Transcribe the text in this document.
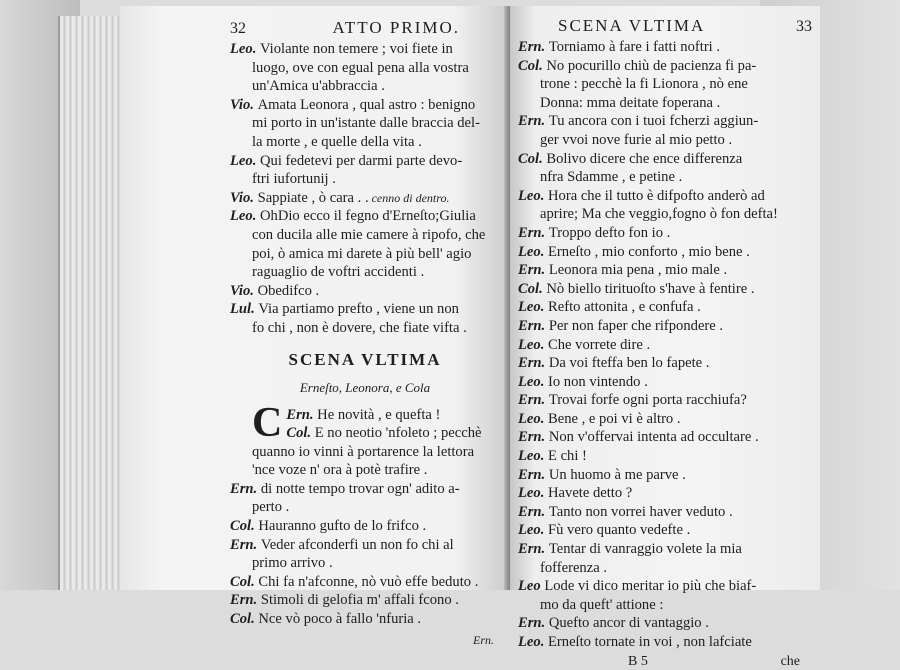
32	ATTO PRIMO.
Leo. Violante non temere ; voi fiete in
luogo, ove con egual pena alla vostra
un'Amica u'abbraccia .
Vio. Amata Leonora , qual astro : benigno
mi porto in un'istante dalle braccia del-
la morte , e quelle della vita .
Leo. Qui fedetevi per darmi parte devo-
ftri iufortunij .
Vio. Sappiate , ò cara . . cenno di dentro.
Leo. OhDio ecco il fegno d'Erneſto;Giulia
con ducila alle mie camere à ripofo, che
poi, ò amica mi darete à più bell' agio
raguaglio de voftri accidenti .
Vio. Obedifco .
Lul. Via partiamo prefto , viene un non
fo chi , non è dovere, che fiate vifta .
SCENA VLTIMA
Erneſto, Leonora, e Cola
Ern.
C He novità , e quefta !
Col. E no neotio 'nfoleto ; pecchè
quanno io vinni à portarence la lettora
'nce voze n' ora à potè trafire .
Ern. di notte tempo trovar ogn' adito a-
perto .
Col. Hauranno gufto de lo frifco .
Ern. Veder afconderfi un non fo chi al
primo arrivo .
Col. Chi fa n'afconne, nò vuò effe beduto .
Ern. Stimoli di gelofia m' affali fcono .
Col. Nce vò poco à fallo 'nfuria .
Ern.
SCENA VLTIMA	33
Ern. Torniamo à fare i fatti noftri .
Col. No pocurillo chiù de pacienza fi pa-
trone : pecchè la fi Lionora , nò ene
Donna: mma deitate foperana .
Ern. Tu ancora con i tuoi fcherzi aggiun-
ger vvoi nove furie al mio petto .
Col. Bolivo dicere che ence differenza
nfra Sdamme , e petine .
Leo. Hora che il tutto è difpofto anderò ad
aprire; Ma che veggio,fogno ò fon defta!
Ern. Troppo defto fon io .
Leo. Erneſto , mio conforto , mio bene .
Ern. Leonora mia pena , mio male .
Col. Nò biello tirituoſto s'have à fentire .
Leo. Refto attonita , e confufa .
Ern. Per non faper che rifpondere .
Leo. Che vorrete dire .
Ern. Da voi fteffa ben lo fapete .
Leo. Io non vintendo .
Ern. Trovai forfe ogni porta racchiufa?
Leo. Bene , e poi vi è altro .
Ern. Non v'offervai intenta ad occultare .
Leo. E chi !
Ern. Un huomo à me parve .
Leo. Havete detto ?
Ern. Tanto non vorrei haver veduto .
Leo. Fù vero quanto vedefte .
Ern. Tentar di vanraggio volete la mia
fofferenza .
Leo Lode vi dico meritar io più che biaf-
mo da queft' attione :
Ern. Quefto ancor di vantaggio .
Leo. Erneſto tornate in voi , non lafciate
B 5	che
